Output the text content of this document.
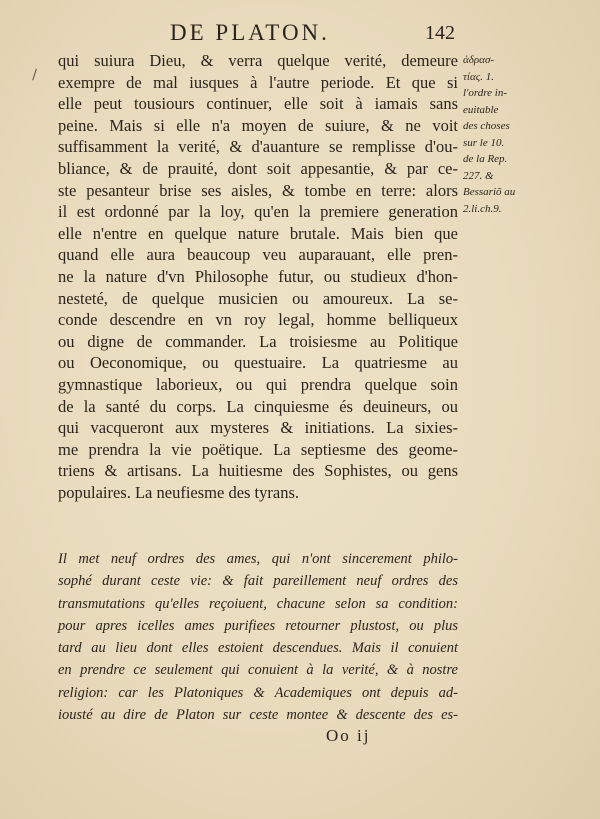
DE PLATON.	142
qui suiura Dieu, & verra quelque verité, demeure
exempre de mal iusques à l'autre periode. Et que si
elle peut tousiours continuer, elle soit à iamais sans
peine. Mais si elle n'a moyen de suiure, & ne voit
suffisamment la verité, & d'auanture se remplisse d'ou-
bliance, & de prauité, dont soit appesantie, & par ce-
ste pesanteur brise ses aisles, & tombe en terre: alors
il est ordonné par la loy, qu'en la premiere generation
elle n'entre en quelque nature brutale. Mais bien que
quand elle aura beaucoup veu auparauant, elle pren-
ne la nature d'vn Philosophe futur, ou studieux d'hon-
nesteté, de quelque musicien ou amoureux. La se-
conde descendre en vn roy legal, homme belliqueux
ou digne de commander. La troisiesme au Politique
ou Oeconomique, ou questuaire. La quatriesme au
gymnastique laborieux, ou qui prendra quelque soin
de la santé du corps. La cinquiesme és deuineurs, ou
qui vacqueront aux mysteres & initiations. La sixies-
me prendra la vie poëtique. La septiesme des geome-
triens & artisans. La huitiesme des Sophistes, ou gens
populaires. La neufiesme des tyrans.
ἀδρασ-
τίας. 1.
l'ordre in-
euitable
des choses
sur le 10.
de la Rep.
227. &
Bessariõ au
2.li.ch.9.
Il met neuf ordres des ames, qui n'ont sincerement philo-
sophé durant ceste vie: & fait pareillement neuf ordres des
transmutations qu'elles reçoiuent, chacune selon sa condition:
pour apres icelles ames purifiees retourner plustost, ou plus
tard au lieu dont elles estoient descendues. Mais il conuient
en prendre ce seulement qui conuient à la verité, & à nostre
religion: car les Platoniques & Academiques ont depuis ad-
iousté au dire de Platon sur ceste montee & descente des es-
Oo ij
